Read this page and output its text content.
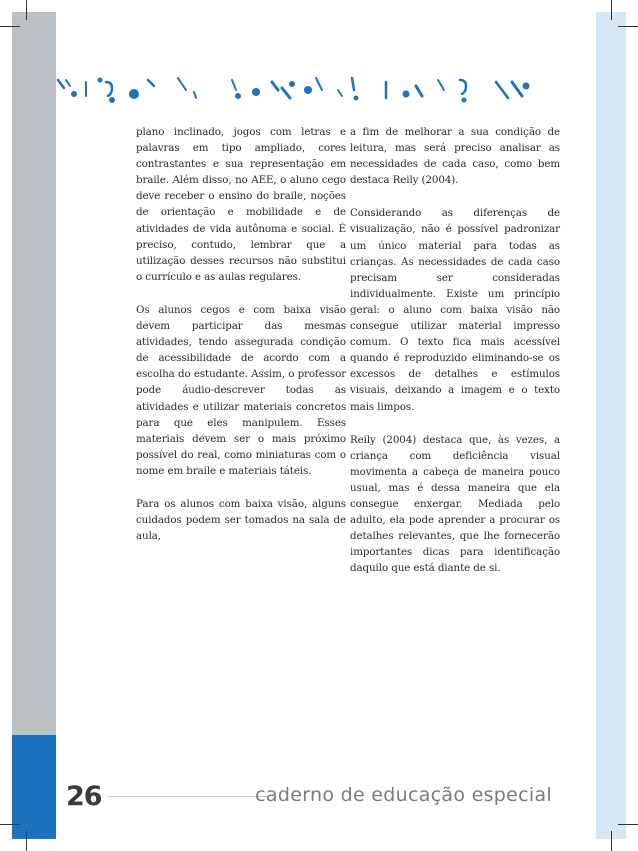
plano inclinado, jogos com letras e palavras em tipo ampliado, cores contrastantes e sua representação em braile. Além disso, no AEE, o aluno cego deve receber o ensino do braile, noções de orientação e mobilidade e de atividades de vida autônoma e social. É preciso, contudo, lembrar que a utilização desses recursos não substitui o currículo e as aulas regulares.

Os alunos cegos e com baixa visão devem participar das mesmas atividades, tendo assegurada condição de acessibilidade de acordo com a escolha do estudante. Assim, o professor pode áudio-descrever todas as atividades e utilizar materiais concretos para que eles manipulem. Esses materiais devem ser o mais próximo possível do real, como miniaturas com o nome em braile e materiais táteis.

Para os alunos com baixa visão, alguns cuidados podem ser tomados na sala de aula,

a fim de melhorar a sua condição de leitura, mas será preciso analisar as necessidades de cada caso, como bem destaca Reily (2004).

Considerando as diferenças de visualização, não é possível padronizar um único material para todas as crianças. As necessidades de cada caso precisam ser consideradas individualmente. Existe um princípio geral: o aluno com baixa visão não consegue utilizar material impresso comum. O texto fica mais acessível quando é reproduzido eliminando-se os excessos de detalhes e estímulos visuais, deixando a imagem e o texto mais limpos.

Reily (2004) destaca que, às vezes, a criança com deficiência visual movimenta a cabeça de maneira pouco usual, mas é dessa maneira que ela consegue enxergar. Mediada pelo adulto, ela pode aprender a procurar os detalhes relevantes, que lhe fornecerão importantes dicas para identificação daquilo que está diante de si.

26	caderno de educação especial
